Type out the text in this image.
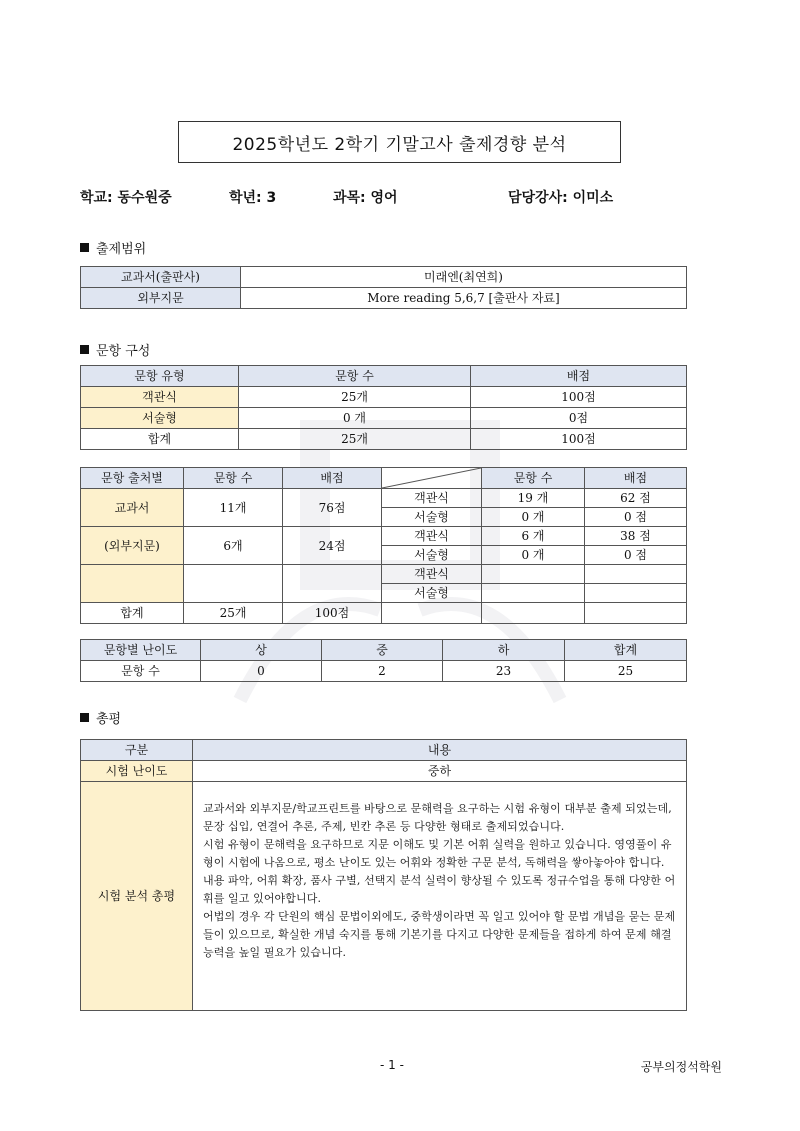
2025학년도 2학기 기말고사 출제경향 분석
학교: 동수원중	학년: 3	과목: 영어	담당강사: 이미소
출제범위
교과서(출판사)	미래엔(최연희)
외부지문	More reading 5,6,7 [출판사 자료]
문항 구성
문항 유형	문항 수	배점
객관식	25개	100점
서술형	0 개	0점
합계	25개	100점
문항 출처별	문항 수	배점		문항 수	배점
교과서	11개	76점	객관식	19 개	62 점
			서술형	0 개	0 점
(외부지문)	6개	24점	객관식	6 개	38 점
			서술형	0 개	0 점
			객관식		
			서술형		
합계	25개	100점			
문항별 난이도	상	중	하	합계
문항 수	0	2	23	25
총평
구분	내용
시험 난이도	중하
시험 분석 총평	교과서와 외부지문/학교프린트를 바탕으로 문해력을 요구하는 시험 유형이 대부분 출제 되었는데, 문장 십입, 연결어 추론, 주제, 빈칸 추론 등 다양한 형태로 출제되었습니다.

시험 유형이 문해력을 요구하므로 지문 이해도 및 기본 어휘 실력을 원하고 있습니다. 영영풀이 유형이 시험에 나옴으로, 평소 난이도 있는 어휘와 정확한 구문 분석, 독해력을 쌓아놓아야 합니다. 내용 파악, 어휘 확장, 품사 구별, 선택지 분석 실력이 향상될 수 있도록 정규수업을 통해 다양한 어휘를 일고 있어야합니다.

어법의 경우 각 단원의 핵심 문법이외에도, 중학생이라면 꼭 일고 있어야 할 문법 개념을 묻는 문제들이 있으므로, 확실한 개념 숙지를 통해 기본기를 다지고 다양한 문제들을 접하게 하여 문제 해결능력을 높일 필요가 있습니다.

- 1 -	공부의정석학원
